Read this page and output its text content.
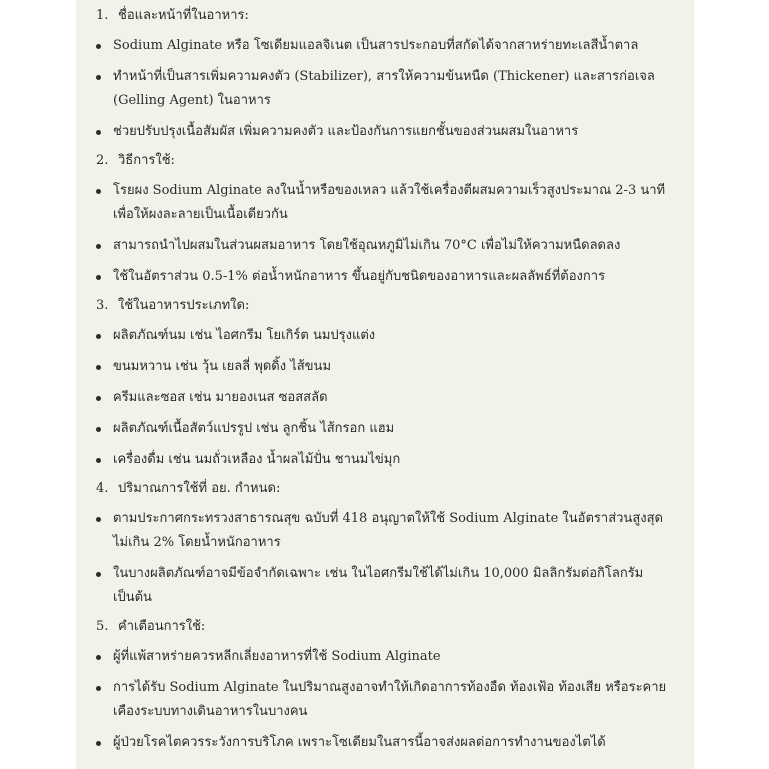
1. ชื่อและหน้าที่ในอาหาร:
Sodium Alginate หรือ โซเดียมแอลจิเนต เป็นสารประกอบที่สกัดได้จากสาหร่ายทะเลสีน้ำตาล
ทำหน้าที่เป็นสารเพิ่มความคงตัว (Stabilizer), สารให้ความข้นหนืด (Thickener) และสารก่อเจล (Gelling Agent) ในอาหาร
ช่วยปรับปรุงเนื้อสัมผัส เพิ่มความคงตัว และป้องกันการแยกชั้นของส่วนผสมในอาหาร
2. วิธีการใช้:
โรยผง Sodium Alginate ลงในน้ำหรือของเหลว แล้วใช้เครื่องตีผสมความเร็วสูงประมาณ 2-3 นาที เพื่อให้ผงละลายเป็นเนื้อเดียวกัน
สามารถนำไปผสมในส่วนผสมอาหาร โดยใช้อุณหภูมิไม่เกิน 70°C เพื่อไม่ให้ความหนืดลดลง
ใช้ในอัตราส่วน 0.5-1% ต่อน้ำหนักอาหาร ขึ้นอยู่กับชนิดของอาหารและผลลัพธ์ที่ต้องการ
3. ใช้ในอาหารประเภทใด:
ผลิตภัณฑ์นม เช่น ไอศกรีม โยเกิร์ต นมปรุงแต่ง
ขนมหวาน เช่น วุ้น เยลลี่ พุดดิ้ง ไส้ขนม
ครีมและซอส เช่น มายองเนส ซอสสลัด
ผลิตภัณฑ์เนื้อสัตว์แปรรูป เช่น ลูกชิ้น ไส้กรอก แฮม
เครื่องดื่ม เช่น นมถั่วเหลือง น้ำผลไม้ปั่น ชานมไข่มุก
4. ปริมาณการใช้ที่ อย. กำหนด:
ตามประกาศกระทรวงสาธารณสุข ฉบับที่ 418 อนุญาตให้ใช้ Sodium Alginate ในอัตราส่วนสูงสุดไม่เกิน 2% โดยน้ำหนักอาหาร
ในบางผลิตภัณฑ์อาจมีข้อจำกัดเฉพาะ เช่น ในไอศกรีมใช้ได้ไม่เกิน 10,000 มิลลิกรัมต่อกิโลกรัม เป็นต้น
5. คำเตือนการใช้:
ผู้ที่แพ้สาหร่ายควรหลีกเลี่ยงอาหารที่ใช้ Sodium Alginate
การได้รับ Sodium Alginate ในปริมาณสูงอาจทำให้เกิดอาการท้องอืด ท้องเฟ้อ ท้องเสีย หรือระคายเคืองระบบทางเดินอาหารในบางคน
ผู้ป่วยโรคไตควรระวังการบริโภค เพราะโซเดียมในสารนี้อาจส่งผลต่อการทำงานของไตได้
